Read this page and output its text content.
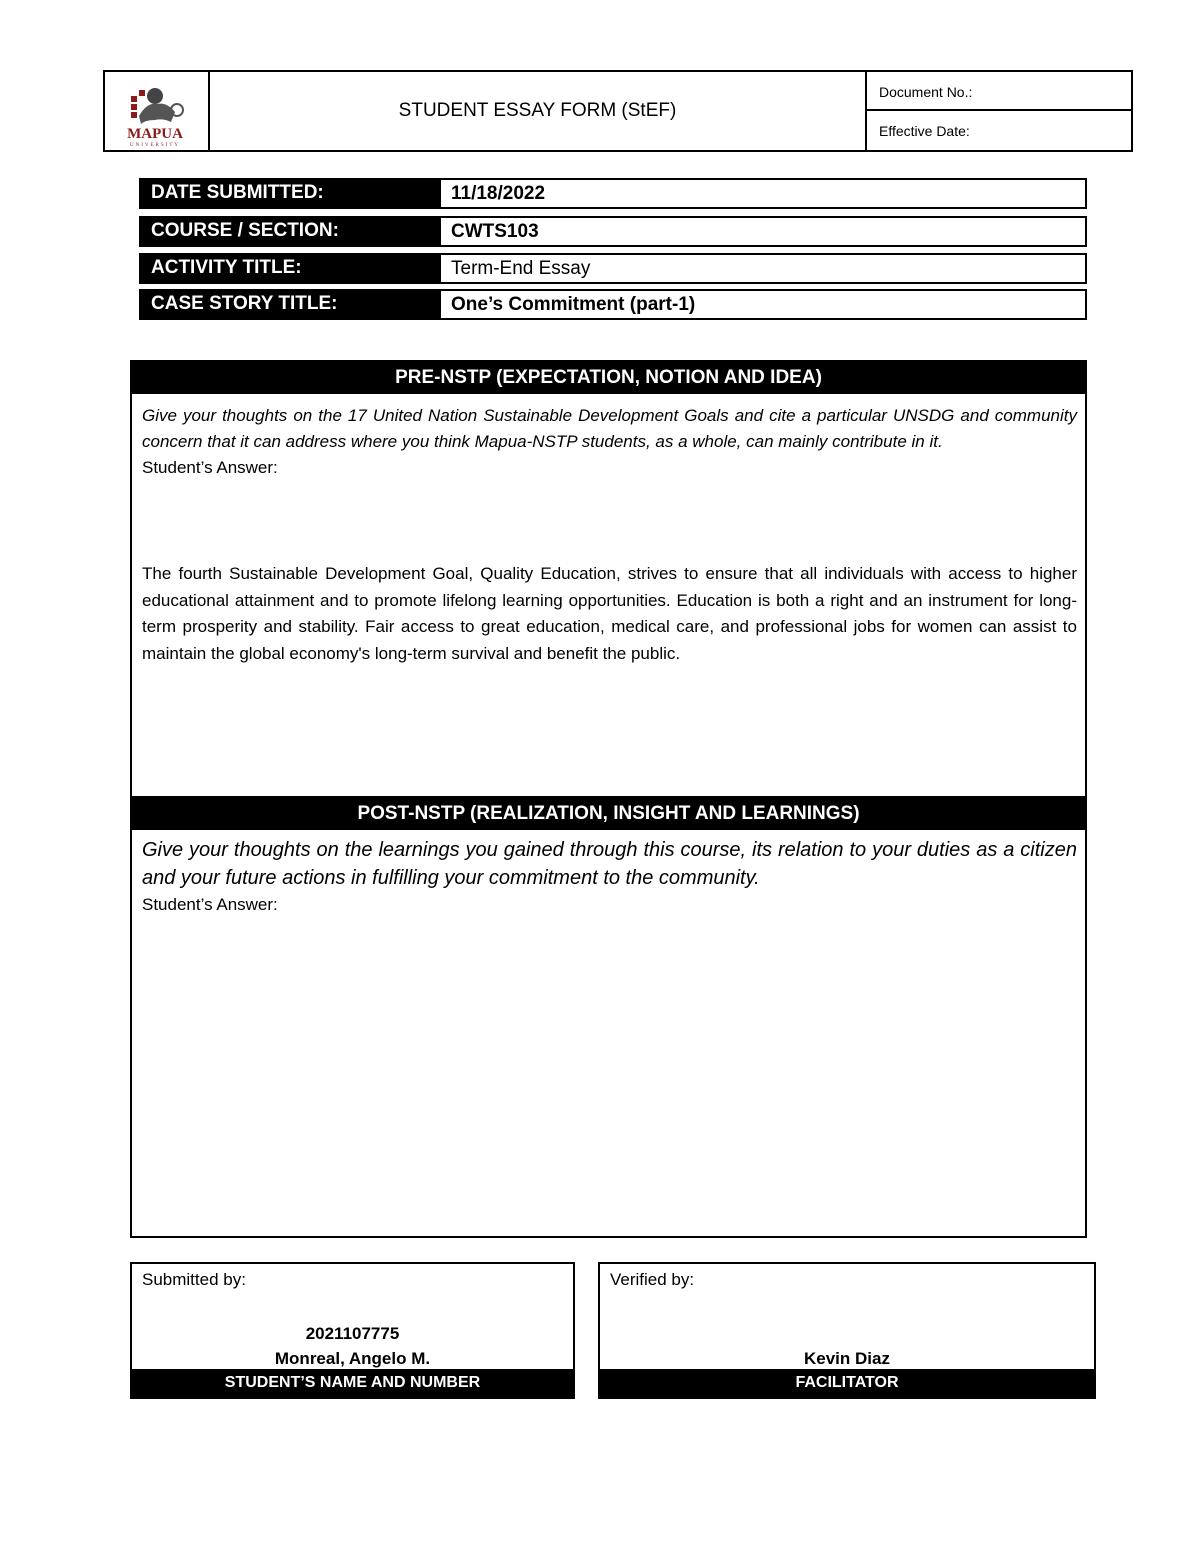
MAPUA
UNIVERSITY
STUDENT ESSAY FORM (StEF)
Document No.:
Effective Date:
DATE SUBMITTED:	11/18/2022
COURSE / SECTION:	CWTS103
ACTIVITY TITLE:	Term-End Essay
CASE STORY TITLE:	One’s Commitment (part-1)
PRE-NSTP (EXPECTATION, NOTION AND IDEA)
Give your thoughts on the 17 United Nation Sustainable Development Goals and cite a particular UNSDG and community concern that it can address where you think Mapua-NSTP students, as a whole, can mainly contribute in it.
Student’s Answer:
The fourth Sustainable Development Goal, Quality Education, strives to ensure that all individuals with access to higher educational attainment and to promote lifelong learning opportunities. Education is both a right and an instrument for long-term prosperity and stability. Fair access to great education, medical care, and professional jobs for women can assist to maintain the global economy's long-term survival and benefit the public.
POST-NSTP (REALIZATION, INSIGHT AND LEARNINGS)
Give your thoughts on the learnings you gained through this course, its relation to your duties as a citizen and your future actions in fulfilling your commitment to the community.
Student’s Answer:
Submitted by:
2021107775
Monreal, Angelo M.
STUDENT’S NAME AND NUMBER
Verified by:
Kevin Diaz
FACILITATOR
